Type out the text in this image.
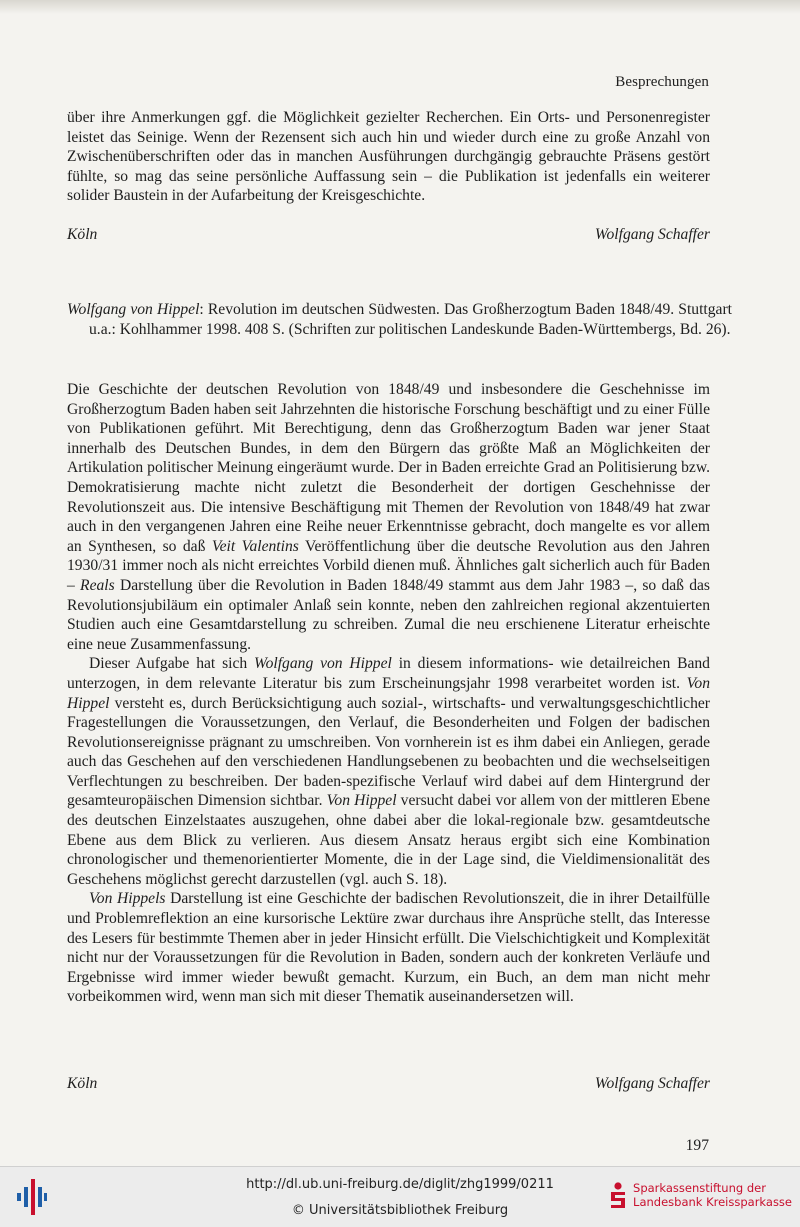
Besprechungen

über ihre Anmerkungen ggf. die Möglichkeit gezielter Recherchen. Ein Orts- und Personenregister leistet das Seinige. Wenn der Rezensent sich auch hin und wieder durch eine zu große Anzahl von Zwischenüberschriften oder das in manchen Ausführungen durchgängig gebrauchte Präsens gestört fühlte, so mag das seine persönliche Auffassung sein – die Publikation ist jedenfalls ein weiterer solider Baustein in der Aufarbeitung der Kreisgeschichte.

Köln	Wolfgang Schaffer
Wolfgang von Hippel: Revolution im deutschen Südwesten. Das Großherzogtum Baden 1848/49. Stuttgart u.a.: Kohlhammer 1998. 408 S. (Schriften zur politischen Landeskunde Baden-Württembergs, Bd. 26).

Die Geschichte der deutschen Revolution von 1848/49 und insbesondere die Geschehnisse im Großherzogtum Baden haben seit Jahrzehnten die historische Forschung beschäftigt und zu einer Fülle von Publikationen geführt. Mit Berechtigung, denn das Großherzogtum Baden war jener Staat innerhalb des Deutschen Bundes, in dem den Bürgern das größte Maß an Möglichkeiten der Artikulation politischer Meinung eingeräumt wurde. Der in Baden erreichte Grad an Politisierung bzw. Demokratisierung machte nicht zuletzt die Besonderheit der dortigen Geschehnisse der Revolutionszeit aus. Die intensive Beschäftigung mit Themen der Revolution von 1848/49 hat zwar auch in den vergangenen Jahren eine Reihe neuer Erkenntnisse gebracht, doch mangelte es vor allem an Synthesen, so daß Veit Valentins Veröffentlichung über die deutsche Revolution aus den Jahren 1930/31 immer noch als nicht erreichtes Vorbild dienen muß. Ähnliches galt sicherlich auch für Baden – Reals Darstellung über die Revolution in Baden 1848/49 stammt aus dem Jahr 1983 –, so daß das Revolutionsjubiläum ein optimaler Anlaß sein konnte, neben den zahlreichen regional akzentuierten Studien auch eine Gesamtdarstellung zu schreiben. Zumal die neu erschienene Literatur erheischte eine neue Zusammenfassung.

Dieser Aufgabe hat sich Wolfgang von Hippel in diesem informations- wie detailreichen Band unterzogen, in dem relevante Literatur bis zum Erscheinungsjahr 1998 verarbeitet worden ist. Von Hippel versteht es, durch Berücksichtigung auch sozial-, wirtschafts- und verwaltungsgeschichtlicher Fragestellungen die Voraussetzungen, den Verlauf, die Besonderheiten und Folgen der badischen Revolutionsereignisse prägnant zu umschreiben. Von vornherein ist es ihm dabei ein Anliegen, gerade auch das Geschehen auf den verschiedenen Handlungsebenen zu beobachten und die wechselseitigen Verflechtungen zu beschreiben. Der baden-spezifische Verlauf wird dabei auf dem Hintergrund der gesamteuropäischen Dimension sichtbar. Von Hippel versucht dabei vor allem von der mittleren Ebene des deutschen Einzelstaates auszugehen, ohne dabei aber die lokal-regionale bzw. gesamtdeutsche Ebene aus dem Blick zu verlieren. Aus diesem Ansatz heraus ergibt sich eine Kombination chronologischer und themenorientierter Momente, die in der Lage sind, die Vieldimensionalität des Geschehens möglichst gerecht darzustellen (vgl. auch S. 18).

Von Hippels Darstellung ist eine Geschichte der badischen Revolutionszeit, die in ihrer Detailfülle und Problemreflektion an eine kursorische Lektüre zwar durchaus ihre Ansprüche stellt, das Interesse des Lesers für bestimmte Themen aber in jeder Hinsicht erfüllt. Die Vielschichtigkeit und Komplexität nicht nur der Voraussetzungen für die Revolution in Baden, sondern auch der konkreten Verläufe und Ergebnisse wird immer wieder bewußt gemacht. Kurzum, ein Buch, an dem man nicht mehr vorbeikommen wird, wenn man sich mit dieser Thematik auseinandersetzen will.

Köln	Wolfgang Schaffer
197
http://dl.ub.uni-freiburg.de/diglit/zhg1999/0211
© Universitätsbibliothek Freiburg
Sparkassenstiftung der
Landesbank Kreissparkasse
